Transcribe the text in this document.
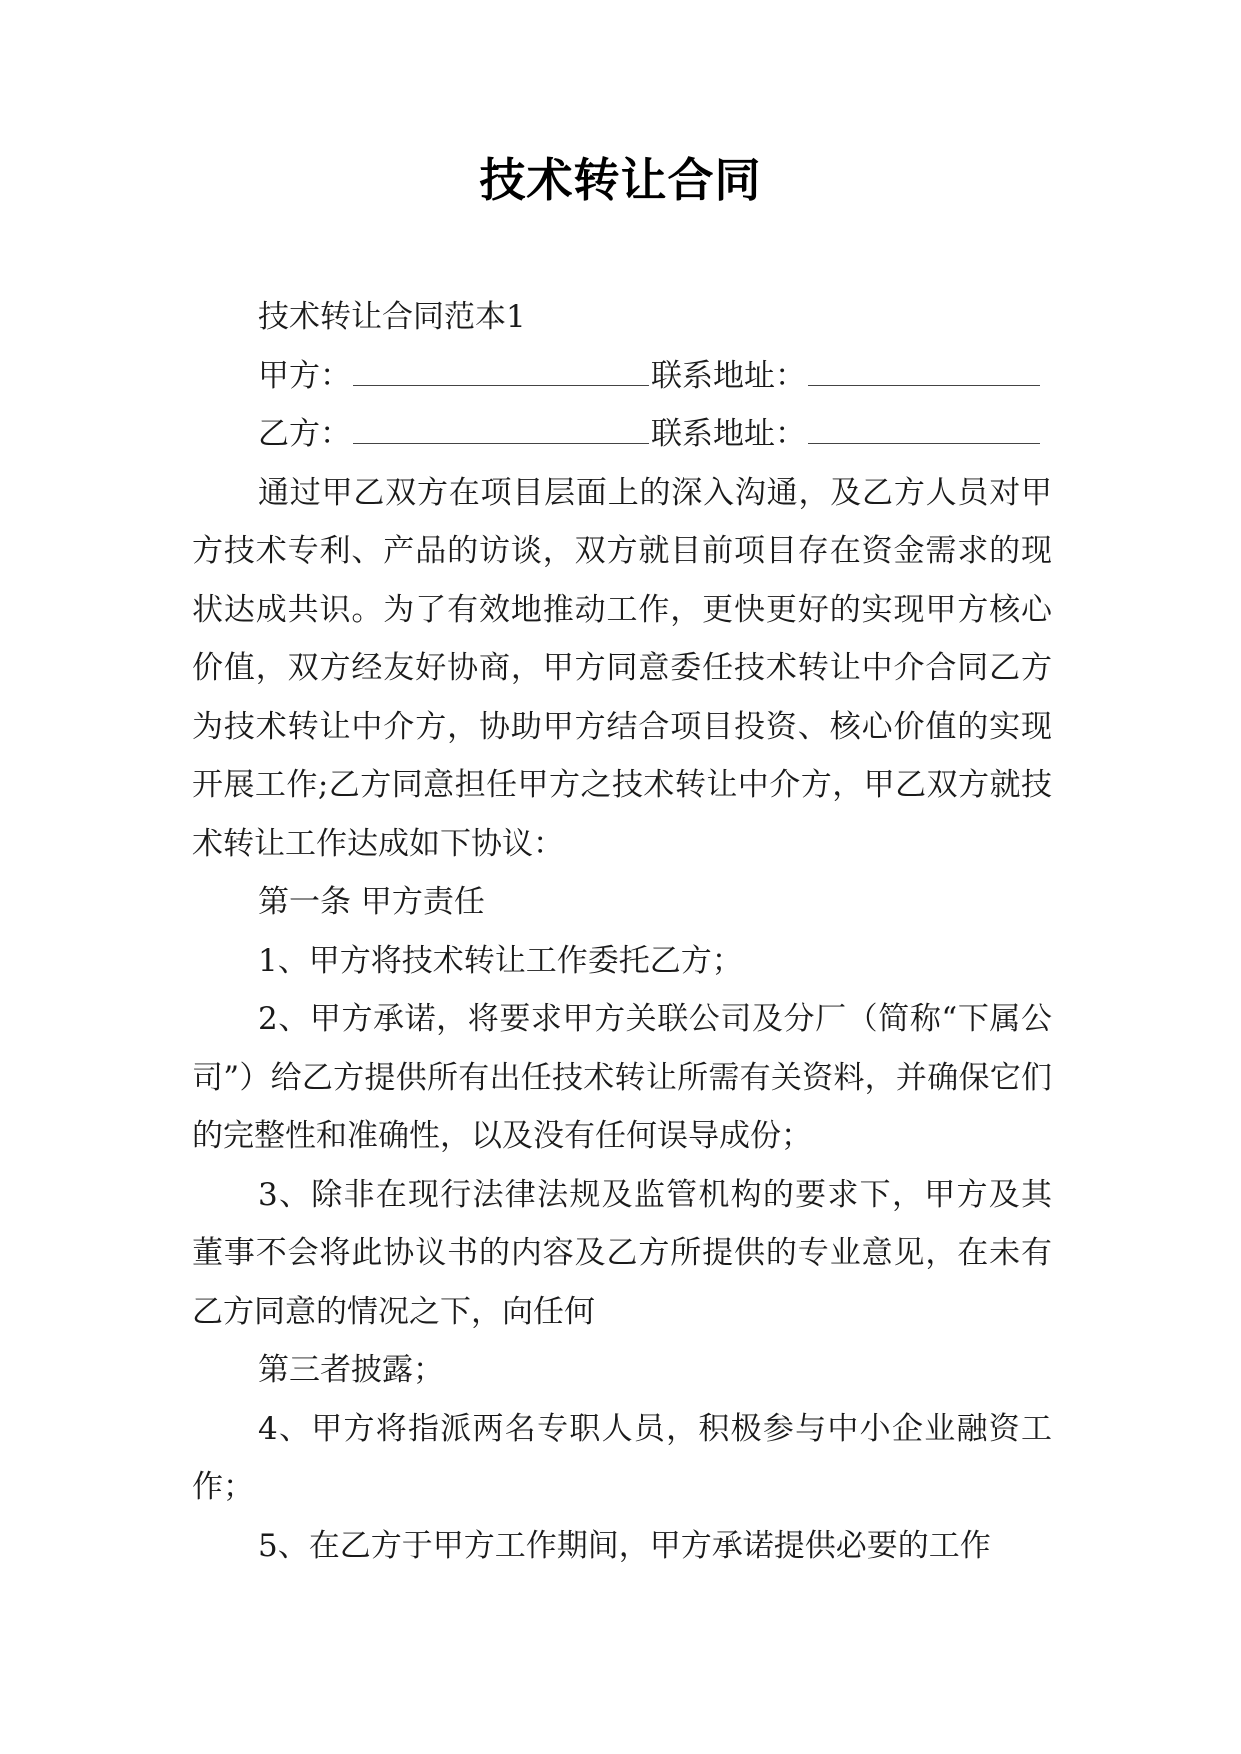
技术转让合同

技术转让合同范本1

甲方：	联系地址：
乙方：	联系地址：

通过甲乙双方在项目层面上的深入沟通，及乙方人员对甲方技术专利、产品的访谈，双方就目前项目存在资金需求的现状达成共识。为了有效地推动工作，更快更好的实现甲方核心价值，双方经友好协商，甲方同意委任技术转让中介合同乙方为技术转让中介方，协助甲方结合项目投资、核心价值的实现开展工作;乙方同意担任甲方之技术转让中介方，甲乙双方就技术转让工作达成如下协议：

第一条 甲方责任

1、甲方将技术转让工作委托乙方；

2、甲方承诺，将要求甲方关联公司及分厂（简称“下属公司”）给乙方提供所有出任技术转让所需有关资料，并确保它们的完整性和准确性，以及没有任何误导成份；

3、除非在现行法律法规及监管机构的要求下，甲方及其董事不会将此协议书的内容及乙方所提供的专业意见，在未有乙方同意的情况之下，向任何

第三者披露；

4、甲方将指派两名专职人员，积极参与中小企业融资工作；

5、在乙方于甲方工作期间，甲方承诺提供必要的工作
